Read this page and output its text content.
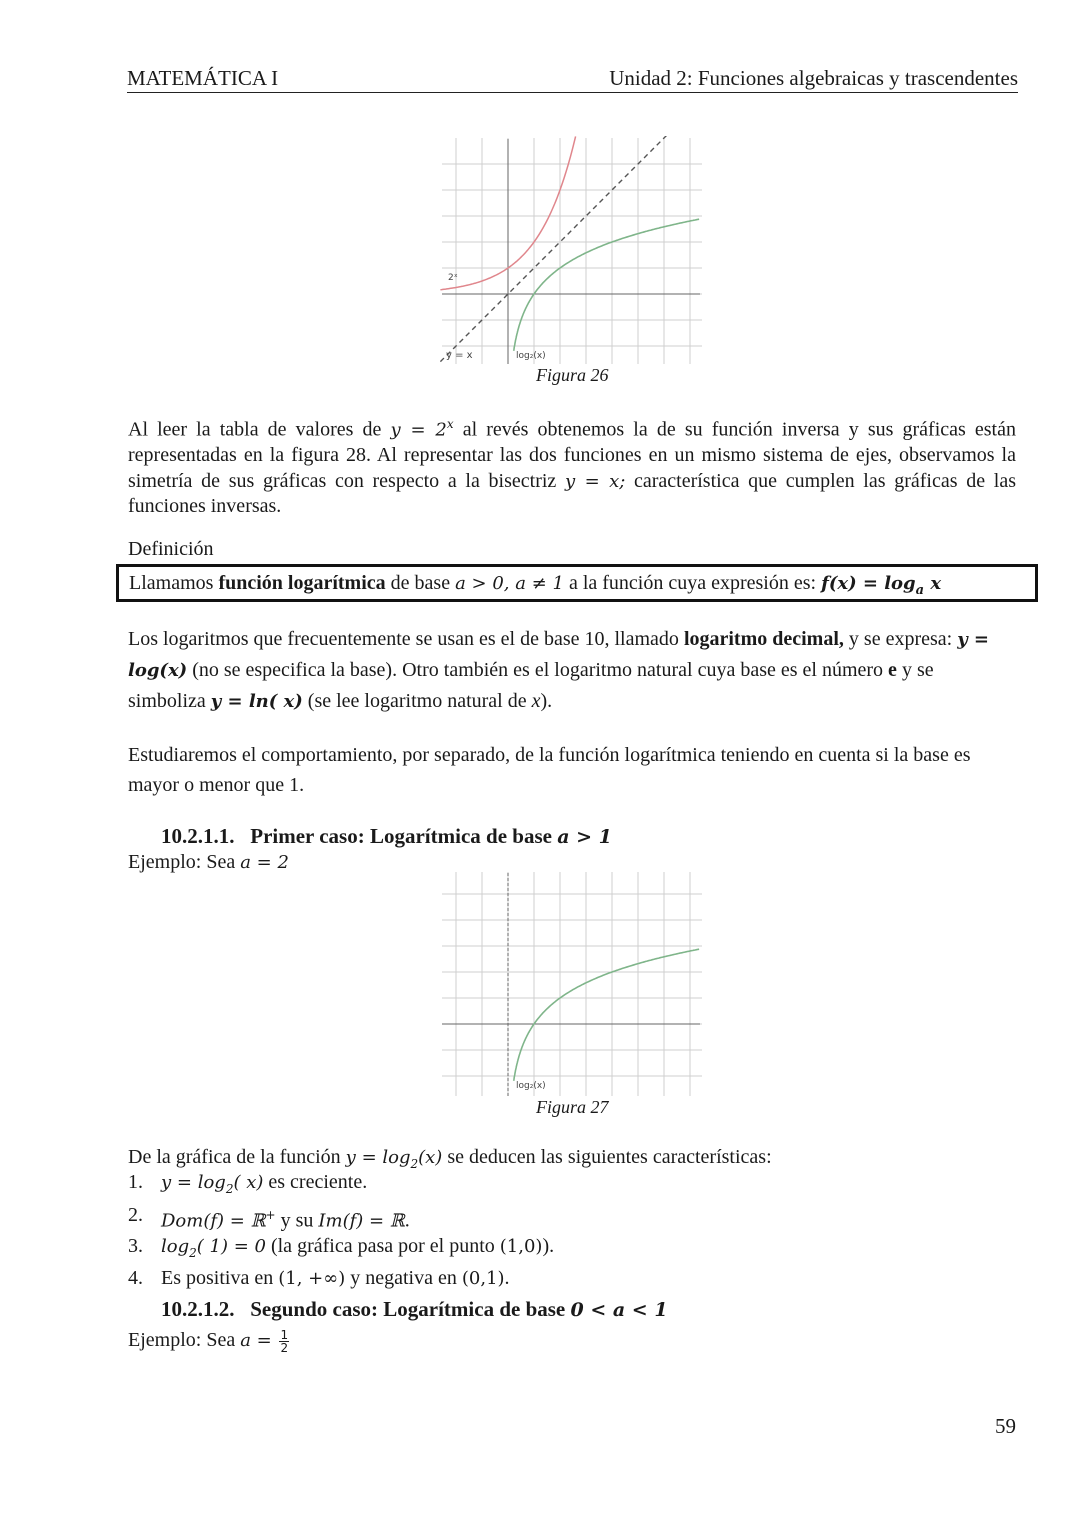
MATEMÁTICA I	Unidad 2: Funciones algebraicas y trascendentes
2ˣ
y = x	log₂(x)
Figura 26
Al leer la tabla de valores de $y = 2^x$ al revés obtenemos la de su función inversa y sus gráficas están representadas en la figura 28. Al representar las dos funciones en un mismo sistema de ejes, observamos la simetría de sus gráficas con respecto a la bisectriz y = x; característica que cumplen las gráficas de las funciones inversas.
Definición
Llamamos función logarítmica de base a > 0, a ≠ 1 a la función cuya expresión es: $f(x) = \log_a x$
Los logaritmos que frecuentemente se usan es el de base 10, llamado logaritmo decimal, y se expresa: y = log(x) (no se especifica la base). Otro también es el logaritmo natural cuya base es el número e y se simboliza y = ln( x) (se lee logaritmo natural de x).
Estudiaremos el comportamiento, por separado, de la función logarítmica teniendo en cuenta si la base es mayor o menor que 1.
10.2.1.1. Primer caso: Logarítmica de base a > 1
Ejemplo: Sea a = 2
log₂(x)
Figura 27
De la gráfica de la función $y = \log_2(x)$ se deducen las siguientes características:
1. $y = \log_2$( x) es creciente.
2. Dom(f) = ℝ+ y su Im(f) = ℝ.
3. $\log_2$( 1) = 0 (la gráfica pasa por el punto (1,0)).
4. Es positiva en (1, +∞) y negativa en (0,1).
10.2.1.2. Segundo caso: Logarítmica de base 0 < a < 1
Ejemplo: Sea $a = \frac{1}{2}$
59
